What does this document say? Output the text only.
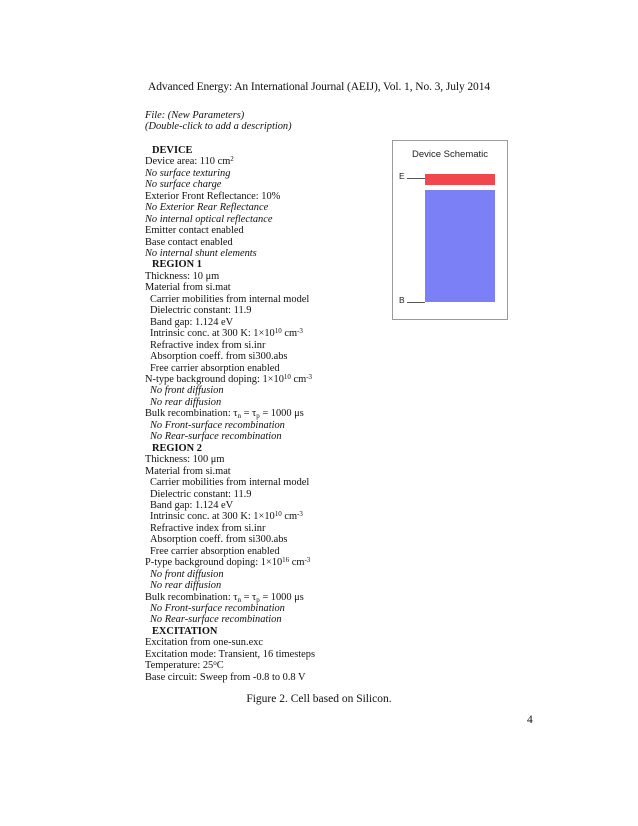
Advanced Energy: An International Journal (AEIJ), Vol. 1, No. 3, July 2014
File: (New Parameters)
(Double-click to add a description)
DEVICE
Device area: 110 $cm^2$
No surface texturing
No surface charge
Exterior Front Reflectance: 10%
No Exterior Rear Reflectance
No internal optical reflectance
Emitter contact enabled
Base contact enabled
No internal shunt elements
REGION 1
Thickness: 10 μm
Material from si.mat
Carrier mobilities from internal model
Dielectric constant: 11.9
Band gap: 1.124 eV
Intrinsic conc. at 300 K: $1\times 10^{10}$ $cm^{-3}$
Refractive index from si.inr
Absorption coeff. from si300.abs
Free carrier absorption enabled
N-type background doping: $1\times 10^{10}$ $cm^{-3}$
No front diffusion
No rear diffusion
Bulk recombination: $\tau_n = \tau_p = 1000$ μs
No Front-surface recombination
No Rear-surface recombination
REGION 2
Thickness: 100 μm
Material from si.mat
Carrier mobilities from internal model
Dielectric constant: 11.9
Band gap: 1.124 eV
Intrinsic conc. at 300 K: $1\times 10^{10}$ $cm^{-3}$
Refractive index from si.inr
Absorption coeff. from si300.abs
Free carrier absorption enabled
P-type background doping: $1\times 10^{16}$ $cm^{-3}$
No front diffusion
No rear diffusion
Bulk recombination: $\tau_n = \tau_p = 1000$ μs
No Front-surface recombination
No Rear-surface recombination
EXCITATION
Excitation from one-sun.exc
Excitation mode: Transient, 16 timesteps
Temperature: 25$^o$C
Base circuit: Sweep from -0.8 to 0.8 V
Device Schematic
E
B
Figure 2. Cell based on Silicon.
4
